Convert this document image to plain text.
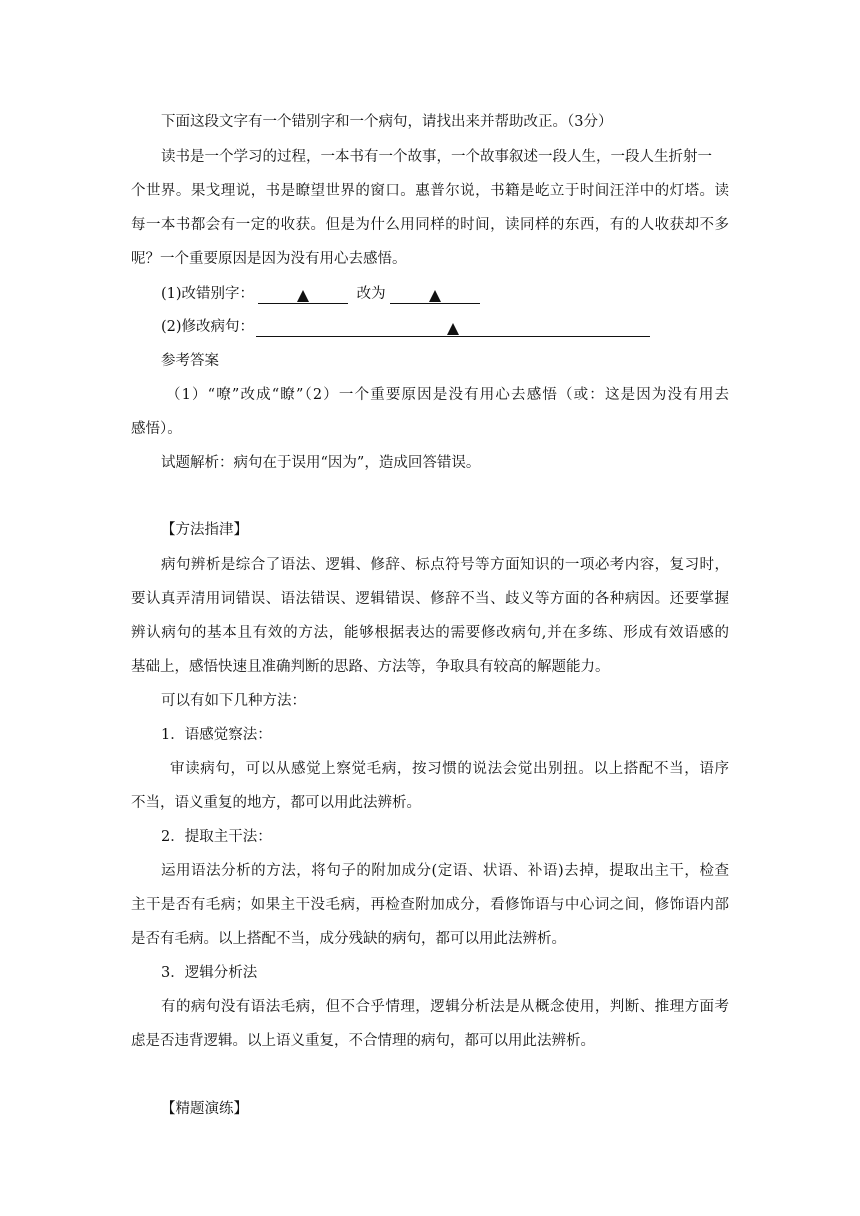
下面这段文字有一个错别字和一个病句，请找出来并帮助改正。（3分）

读书是一个学习的过程，一本书有一个故事，一个故事叙述一段人生，一段人生折射一

个世界。果戈理说，书是瞭望世界的窗口。惠普尔说，书籍是屹立于时间汪洋中的灯塔。读

每一本书都会有一定的收获。但是为什么用同样的时间，读同样的东西，有的人收获却不多

呢？一个重要原因是因为没有用心去感悟。

(1)改错别字：	改为
(2)修改病句：

参考答案

（1）“嘹”改成“瞭”（2）一个重要原因是没有用心去感悟（或：这是因为没有用去

感悟）。

试题解析：病句在于误用“因为”，造成回答错误。

【方法指津】

病句辨析是综合了语法、逻辑、修辞、标点符号等方面知识的一项必考内容，复习时，

要认真弄清用词错误、语法错误、逻辑错误、修辞不当、歧义等方面的各种病因。还要掌握

辨认病句的基本且有效的方法，能够根据表达的需要修改病句,并在多练、形成有效语感的

基础上，感悟快速且准确判断的思路、方法等，争取具有较高的解题能力。

可以有如下几种方法：

1．语感觉察法：

审读病句，可以从感觉上察觉毛病，按习惯的说法会觉出别扭。以上搭配不当，语序

不当，语义重复的地方，都可以用此法辨析。

2．提取主干法：

运用语法分析的方法，将句子的附加成分(定语、状语、补语)去掉，提取出主干，检查

主干是否有毛病；如果主干没毛病，再检查附加成分，看修饰语与中心词之间，修饰语内部

是否有毛病。以上搭配不当，成分残缺的病句，都可以用此法辨析。

3．逻辑分析法

有的病句没有语法毛病，但不合乎情理，逻辑分析法是从概念使用，判断、推理方面考

虑是否违背逻辑。以上语义重复，不合情理的病句，都可以用此法辨析。

【精题演练】
